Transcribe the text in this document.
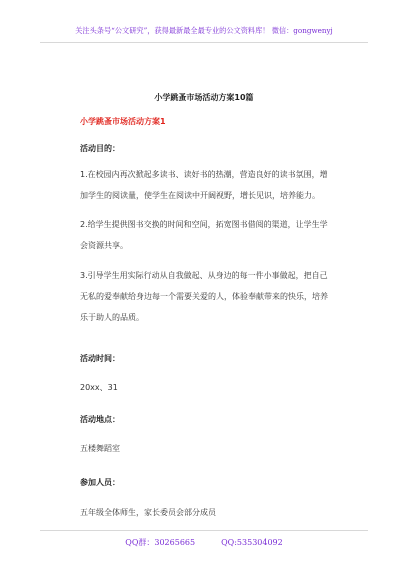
关注头条号“公文研究”，获得最新最全最专业的公文资料库！ 微信：gongwenyj
小学跳蚤市场活动方案10篇
小学跳蚤市场活动方案1
活动目的：
1.在校园内再次掀起多读书、读好书的热潮，营造良好的读书氛围，增加学生的阅读量，使学生在阅读中开阔视野，增长见识，培养能力。
2.给学生提供图书交换的时间和空间，拓宽图书借阅的渠道，让学生学会资源共享。
3.引导学生用实际行动从自我做起、从身边的每一件小事做起，把自己无私的爱奉献给身边每一个需要关爱的人，体验奉献带来的快乐，培养乐于助人的品质。
活动时间：
20xx、31
活动地点：
五楼舞蹈室
参加人员：
五年级全体师生，家长委员会部分成员
QQ群：30265665	QQ:535304092
